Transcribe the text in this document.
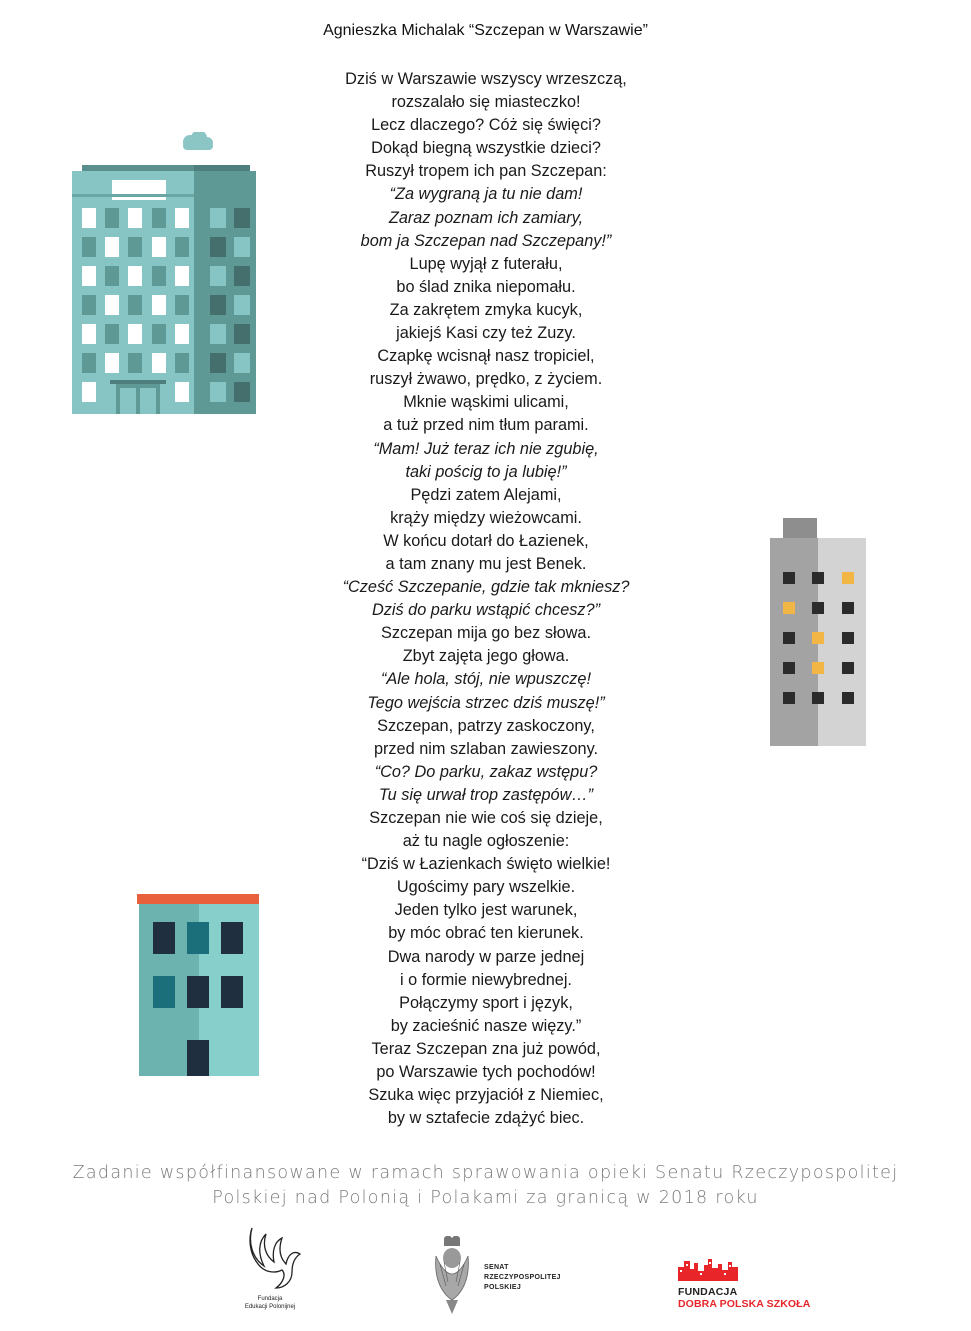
Agnieszka Michalak “Szczepan w Warszawie”
Dziś w Warszawie wszyscy wrzeszczą,
rozszalało się miasteczko!
Lecz dlaczego? Cóż się święci?
Dokąd biegną wszystkie dzieci?
Ruszył tropem ich pan Szczepan:
“Za wygraną ja tu nie dam!
Zaraz poznam ich zamiary,
bom ja Szczepan nad Szczepany!”
Lupę wyjął z futerału,
bo ślad znika niepomału.
Za zakrętem zmyka kucyk,
jakiejś Kasi czy też Zuzy.
Czapkę wcisnął nasz tropiciel,
ruszył żwawo, prędko, z życiem.
Mknie wąskimi ulicami,
a tuż przed nim tłum parami.
“Mam! Już teraz ich nie zgubię,
taki pościg to ja lubię!”
Pędzi zatem Alejami,
krąży między wieżowcami.
W końcu dotarł do Łazienek,
a tam znany mu jest Benek.
“Cześć Szczepanie, gdzie tak mkniesz?
Dziś do parku wstąpić chcesz?”
Szczepan mija go bez słowa.
Zbyt zajęta jego głowa.
“Ale hola, stój, nie wpuszczę!
Tego wejścia strzec dziś muszę!”
Szczepan, patrzy zaskoczony,
przed nim szlaban zawieszony.
“Co? Do parku, zakaz wstępu?
Tu się urwał trop zastępów…”
Szczepan nie wie coś się dzieje,
aż tu nagle ogłoszenie:
“Dziś w Łazienkach święto wielkie!
Ugościmy pary wszelkie.
Jeden tylko jest warunek,
by móc obrać ten kierunek.
Dwa narody w parze jednej
i o formie niewybrednej.
Połączymy sport i język,
by zacieśnić nasze więzy.”
Teraz Szczepan zna już powód,
po Warszawie tych pochodów!
Szuka więc przyjaciół z Niemiec,
by w sztafecie zdążyć biec.
Zadanie współfinansowane w ramach sprawowania opieki Senatu Rzeczypospolitej
Polskiej nad Polonią i Polakami za granicą w 2018 roku
Fundacja
Edukacji Polonijnej
SENAT
RZECZYPOSPOLITEJ
POLSKIEJ	FUNDACJA
DOBRA POLSKA SZKOŁA
